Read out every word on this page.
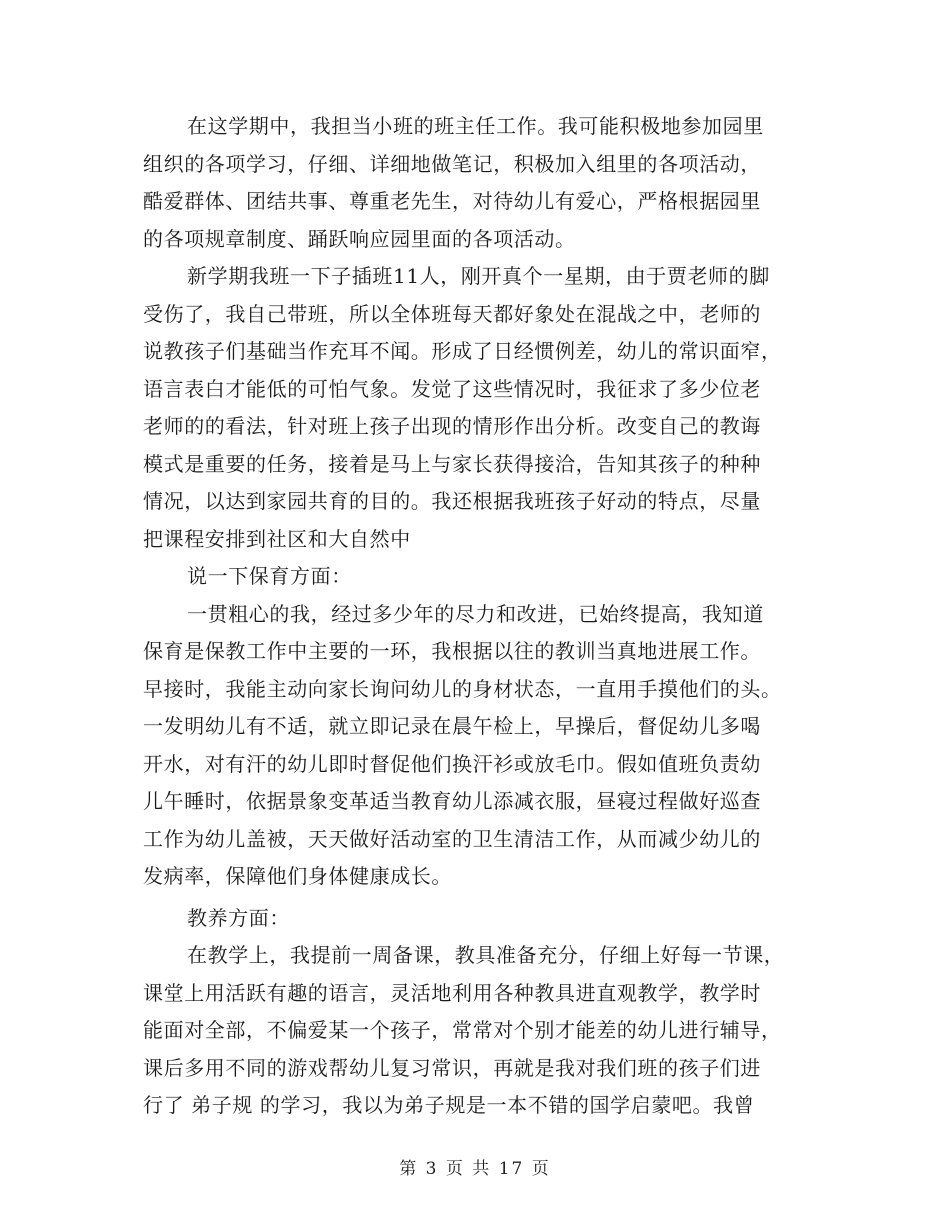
在这学期中，我担当小班的班主任工作。我可能积极地参加园里
组织的各项学习，仔细、详细地做笔记，积极加入组里的各项活动，
酷爱群体、团结共事、尊重老先生，对待幼儿有爱心，严格根据园里
的各项规章制度、踊跃响应园里面的各项活动。

新学期我班一下子插班11人，刚开真个一星期，由于贾老师的脚
受伤了，我自己带班，所以全体班每天都好象处在混战之中，老师的
说教孩子们基础当作充耳不闻。形成了日经惯例差，幼儿的常识面窄，
语言表白才能低的可怕气象。发觉了这些情况时，我征求了多少位老
老师的的看法，针对班上孩子出现的情形作出分析。改变自己的教诲
模式是重要的任务，接着是马上与家长获得接洽，告知其孩子的种种
情况，以达到家园共育的目的。我还根据我班孩子好动的特点，尽量
把课程安排到社区和大自然中

说一下保育方面：

一贯粗心的我，经过多少年的尽力和改进，已始终提高，我知道
保育是保教工作中主要的一环，我根据以往的教训当真地进展工作。
早接时，我能主动向家长询问幼儿的身材状态，一直用手摸他们的头。
一发明幼儿有不适，就立即记录在晨午检上，早操后，督促幼儿多喝
开水，对有汗的幼儿即时督促他们换汗衫或放毛巾。假如值班负责幼
儿午睡时，依据景象变革适当教育幼儿添减衣服，昼寝过程做好巡查
工作为幼儿盖被，天天做好活动室的卫生清洁工作，从而减少幼儿的
发病率，保障他们身体健康成长。

教养方面：

在教学上，我提前一周备课，教具准备充分，仔细上好每一节课，
课堂上用活跃有趣的语言，灵活地利用各种教具进直观教学，教学时
能面对全部，不偏爱某一个孩子，常常对个别才能差的幼儿进行辅导，
课后多用不同的游戏帮幼儿复习常识，再就是我对我们班的孩子们进
行了 弟子规 的学习，我以为弟子规是一本不错的国学启蒙吧。我曾

第 3 页 共 17 页
